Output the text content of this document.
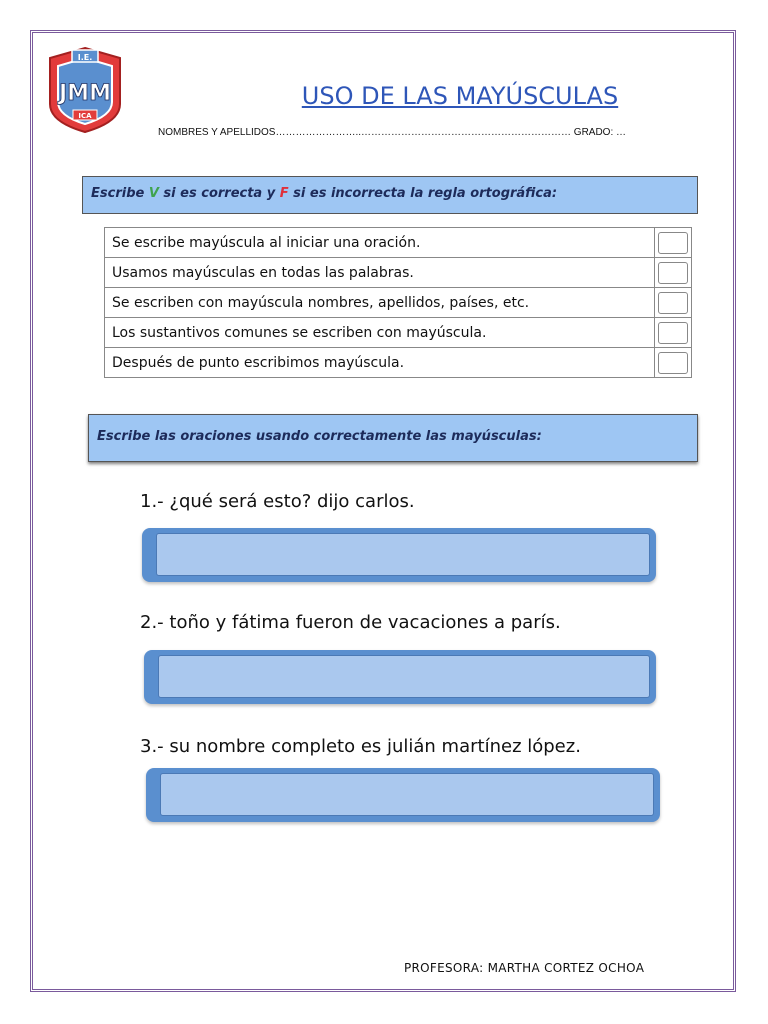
I.E.
JMM
ICA
USO DE LAS MAYÚSCULAS
NOMBRES Y APELLIDOS……………………..……………………………………………………… GRADO: …
Escribe V si es correcta y F si es incorrecta la regla ortográfica:
Se escribe mayúscula al iniciar una oración.	
Usamos mayúsculas en todas las palabras.	
Se escriben con mayúscula nombres, apellidos, países, etc.	
Los sustantivos comunes se escriben con mayúscula.	
Después de punto escribimos mayúscula.	
Escribe las oraciones usando correctamente las mayúsculas:
1.- ¿qué será esto? dijo carlos.
2.- toño y fátima fueron de vacaciones a parís.
3.- su nombre completo es julián martínez lópez.
PROFESORA: MARTHA CORTEZ OCHOA
